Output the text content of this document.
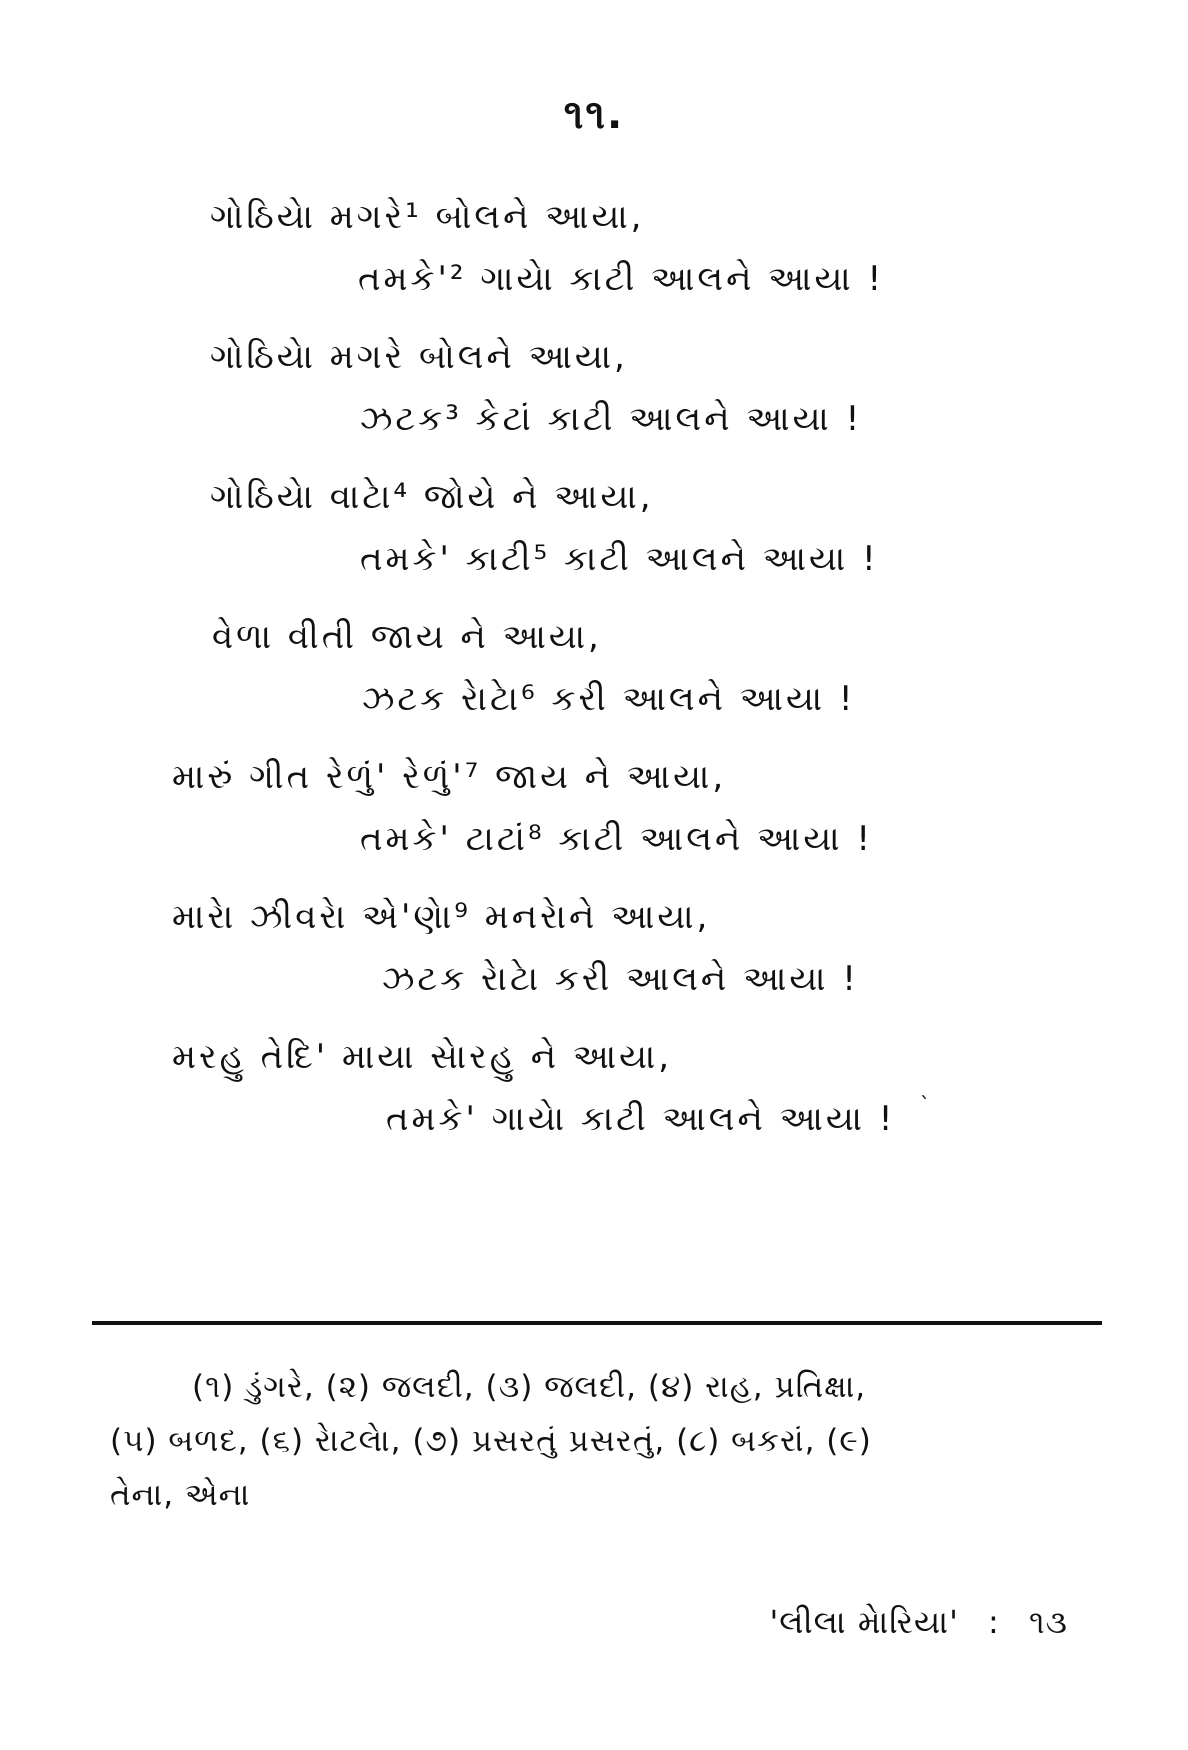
૧૧.
ગોઠિયેા મગરે¹ બોલને આયા,
તમકે'² ગાયેા કાટી આલને આયા !
ગોઠિયેા મગરે બોલને આયા,
ઝટક³ કેટાં કાટી આલને આયા !
ગોઠિયેા વાટેા⁴ જોયે ને આયા,
તમકે' કાટી⁵ કાટી આલને આયા !
વેળા વીતી જાય ને આયા,
ઝટક રેાટેા⁶ કરી આલને આયા !
મારું ગીત રેળું' રેળું'⁷ જાય ને આયા,
તમકે' ટાટાં⁸ કાટી આલને આયા !
મારેા ઝીવરેા એ'ણેા⁹ મનરેાને આયા,
ઝટક રેાટેા કરી આલને આયા !
મરહુ તેદિ' માયા સેારહુ ને આયા,
તમકે' ગાયેા કાટી આલને આયા !
ˎ
(૧) ડુંગરે, (૨) જલદી, (૩) જલદી, (૪) રાહ, પ્રતિક્ષા,
(૫) બળદ, (૬) રેાટલેા, (૭) પ્રસરતું પ્રસરતું, (૮) બકરાં, (૯)
તેના, એના
'લીલા મેારિયા' : ૧૩
